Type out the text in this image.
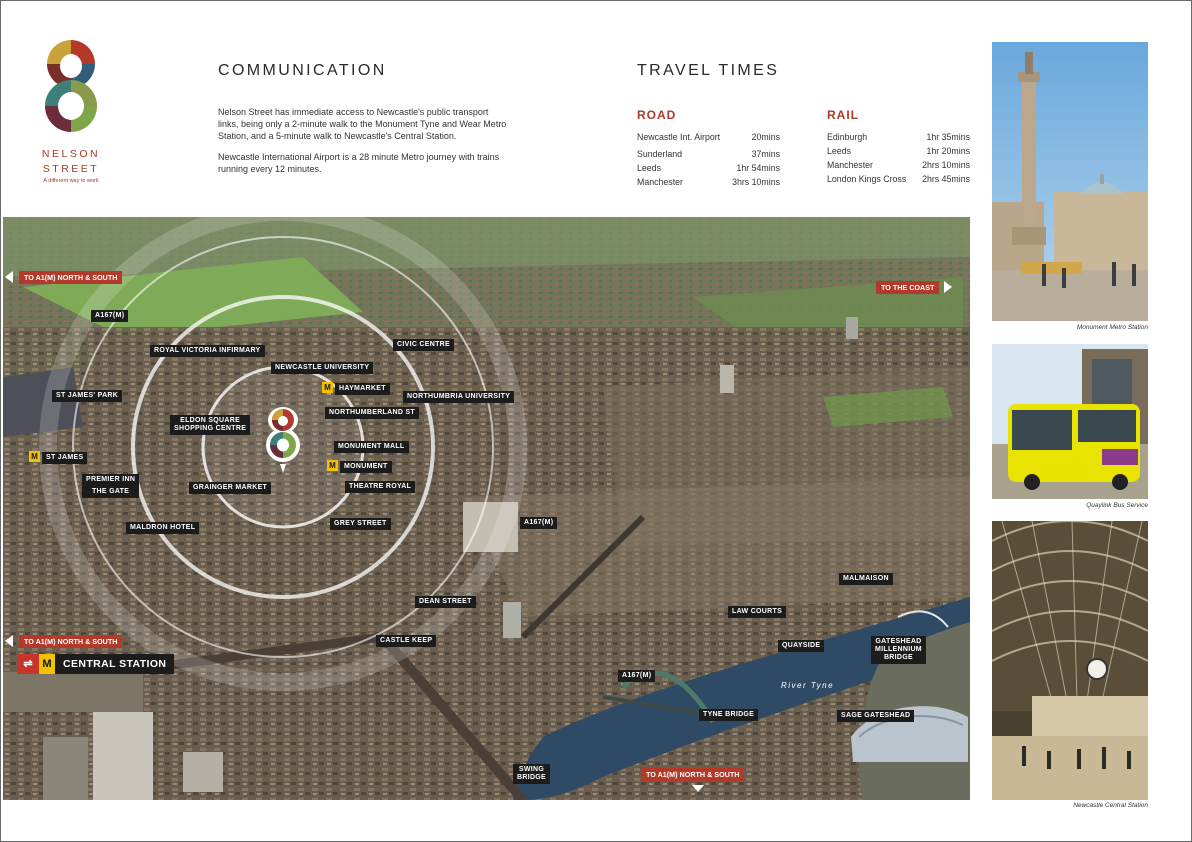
NELSON
STREET
A different way to work
COMMUNICATION

Nelson Street has immediate access to Newcastle's public transport links, being only a 2-minute walk to the Monument Tyne and Wear Metro Station, and a 5-minute walk to Newcastle's Central Station.

Newcastle International Airport is a 28 minute Metro journey with trains running every 12 minutes.

TRAVEL TIMES
ROAD	RAIL
Newcastle Int. Airport	20mins
Sunderland	37mins
Leeds	1hr 54mins
Manchester	3hrs 10mins
Edinburgh	1hr 35mins
Leeds	1hr 20mins
Manchester	2hrs 10mins
London Kings Cross 2hrs 45mins
TO A1(M) NORTH & SOUTH
TO THE COAST
TO A1(M) NORTH & SOUTH
TO A1(M) NORTH & SOUTH
A167(M)
ROYAL VICTORIA INFIRMARY
CIVIC CENTRE
NEWCASTLE UNIVERSITY
M	HAYMARKET
NORTHUMBRIA UNIVERSITY
ST JAMES' PARK
NORTHUMBERLAND ST
ELDON SQUARE
SHOPPING CENTRE
MONUMENT MALL
M	ST JAMES
M	MONUMENT
PREMIER INN
THE GATE
GRAINGER MARKET	THEATRE ROYAL
MALDRON HOTEL
GREY STREET	A167(M)
MALMAISON
DEAN STREET
LAW COURTS
CASTLE KEEP
QUAYSIDE
GATESHEAD
MILLENNIUM
BRIDGE
A167(M)
River Tyne
TYNE BRIDGE	SAGE GATESHEAD
SWING
BRIDGE
⇌ M	CENTRAL STATION
Monument Metro Station
Quaylink Bus Service
Newcastle Central Station
